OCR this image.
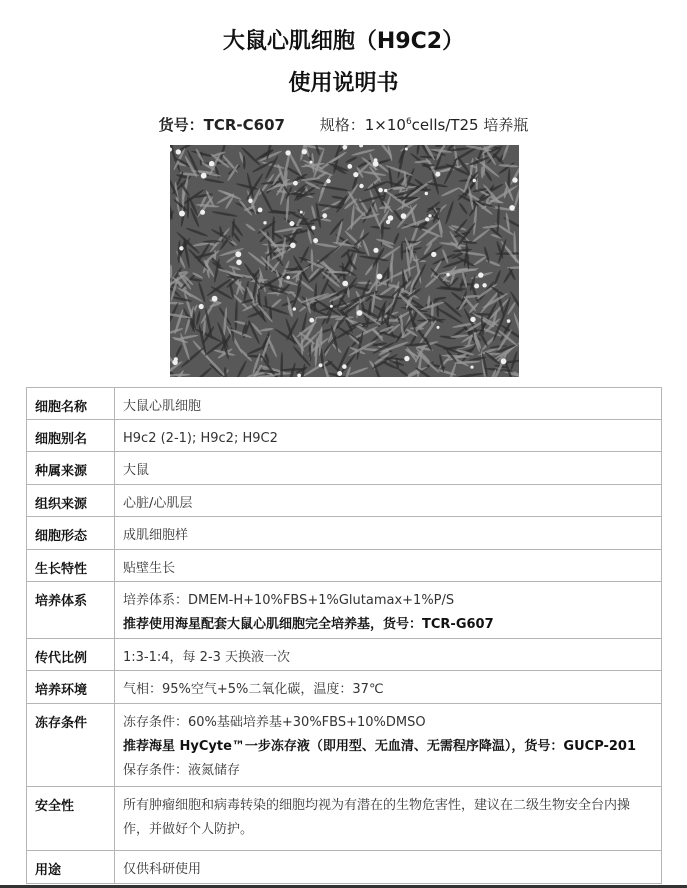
大鼠心肌细胞（H9C2）
使用说明书
货号：TCR-C607 规格：$1\times 10^6cells/T25$ 培养瓶
细胞名称	大鼠心肌细胞

细胞别名	H9c2 (2-1); H9c2; H9C2

种属来源	大鼠

组织来源	心脏/心肌层

细胞形态	成肌细胞样

生长特性	贴壁生长

培养体系	培养体系：DMEM-H+10%FBS+1%Glutamax+1%P/S
推荐使用海星配套大鼠心肌细胞完全培养基，货号：TCR-G607

传代比例	1:3-1:4，每 2-3 天换液一次

培养环境	气相：95%空气+5%二氧化碳，温度：37℃

冻存条件	冻存条件：60%基础培养基+30%FBS+10%DMSO
推荐海星 HyCyte™一步冻存液（即用型、无血清、无需程序降温），货号：GUCP-201
保存条件：液氮储存

安全性	所有肿瘤细胞和病毒转染的细胞均视为有潜在的生物危害性，建议在二级生物安全台内操作，并做好个人防护。

用途	仅供科研使用
